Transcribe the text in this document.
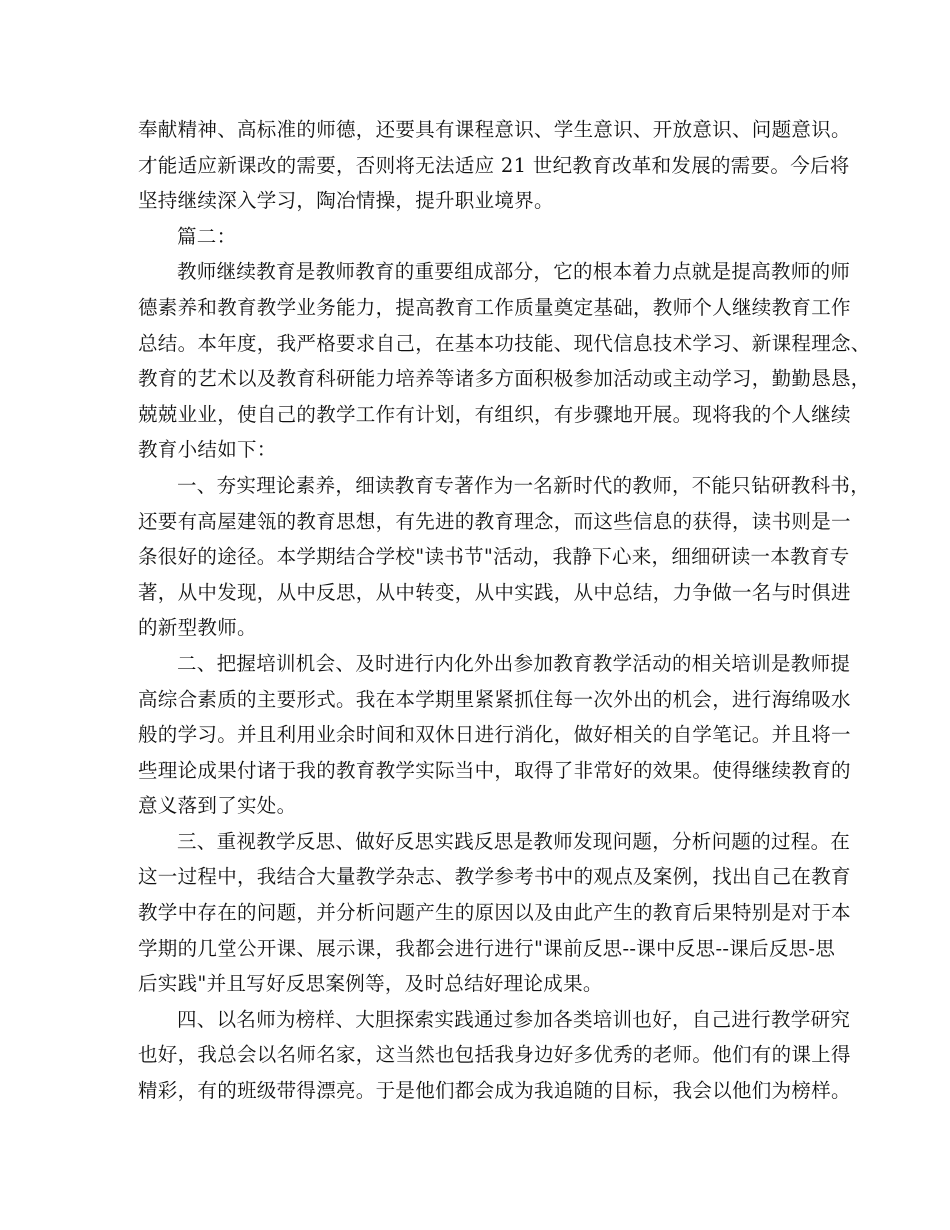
奉献精神、高标准的师德，还要具有课程意识、学生意识、开放意识、问题意识。
才能适应新课改的需要，否则将无法适应 21 世纪教育改革和发展的需要。今后将
坚持继续深入学习，陶冶情操，提升职业境界。
篇二：
教师继续教育是教师教育的重要组成部分，它的根本着力点就是提高教师的师
德素养和教育教学业务能力，提高教育工作质量奠定基础，教师个人继续教育工作
总结。本年度，我严格要求自己，在基本功技能、现代信息技术学习、新课程理念、
教育的艺术以及教育科研能力培养等诸多方面积极参加活动或主动学习，勤勤恳恳，
兢兢业业，使自己的教学工作有计划，有组织，有步骤地开展。现将我的个人继续
教育小结如下：
一、夯实理论素养，细读教育专著作为一名新时代的教师，不能只钻研教科书，
还要有高屋建瓴的教育思想，有先进的教育理念，而这些信息的获得，读书则是一
条很好的途径。本学期结合学校"读书节"活动，我静下心来，细细研读一本教育专
著，从中发现，从中反思，从中转变，从中实践，从中总结，力争做一名与时俱进
的新型教师。
二、把握培训机会、及时进行内化外出参加教育教学活动的相关培训是教师提
高综合素质的主要形式。我在本学期里紧紧抓住每一次外出的机会，进行海绵吸水
般的学习。并且利用业余时间和双休日进行消化，做好相关的自学笔记。并且将一
些理论成果付诸于我的教育教学实际当中，取得了非常好的效果。使得继续教育的
意义落到了实处。
三、重视教学反思、做好反思实践反思是教师发现问题，分析问题的过程。在
这一过程中，我结合大量教学杂志、教学参考书中的观点及案例，找出自己在教育
教学中存在的问题，并分析问题产生的原因以及由此产生的教育后果特别是对于本
学期的几堂公开课、展示课，我都会进行进行"课前反思--课中反思--课后反思-思
后实践"并且写好反思案例等，及时总结好理论成果。
四、以名师为榜样、大胆探索实践通过参加各类培训也好，自己进行教学研究
也好，我总会以名师名家，这当然也包括我身边好多优秀的老师。他们有的课上得
精彩，有的班级带得漂亮。于是他们都会成为我追随的目标，我会以他们为榜样。
